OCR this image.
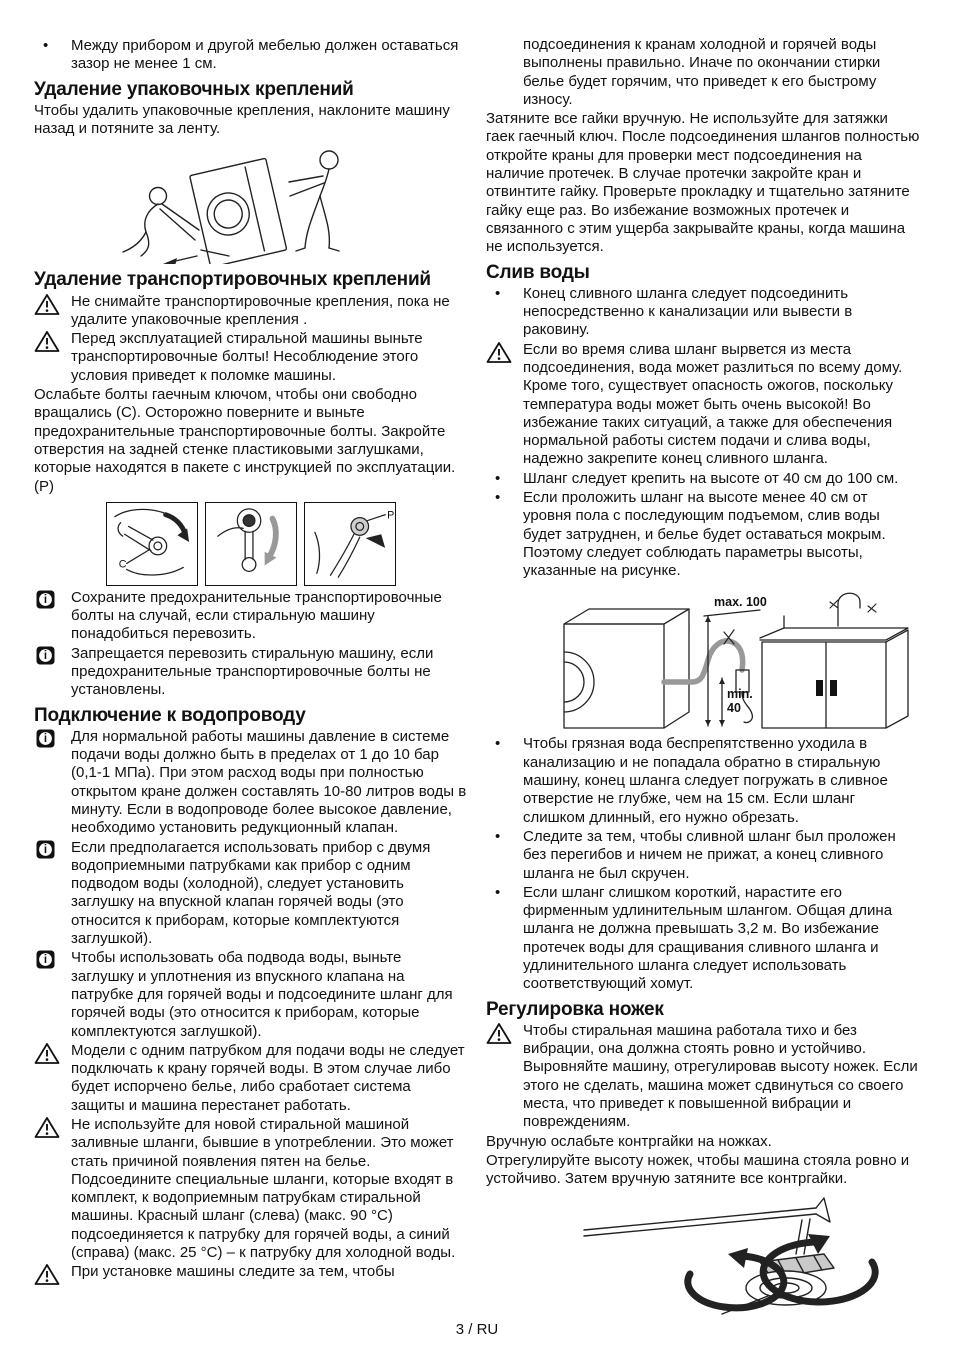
•	Между прибором и другой мебелью должен оставаться зазор не менее 1 см.
Удаление упаковочных креплений

Чтобы удалить упаковочные крепления, наклоните машину назад и потяните за ленту.

Удаление транспортировочных креплений
Не снимайте транспортировочные крепления, пока не удалите упаковочные крепления .
Перед эксплуатацией стиральной машины выньте транспортировочные болты! Несоблюдение этого условия приведет к поломке машины.

Ослабьте болты гаечным ключом, чтобы они свободно вращались (C). Осторожно поверните и выньте предохранительные транспортировочные болты. Закройте отверстия на задней стенке пластиковыми заглушками, которые находятся в пакете с инструкцией по эксплуатации. (P)

C
P
i Сохраните предохранительные транспортировочные болты на случай, если стиральную машину понадобиться перевозить.
i Запрещается перевозить стиральную машину, если предохранительные транспортировочные болты не установлены.
Подключение к водопроводу
i Для нормальной работы машины давление в системе подачи воды должно быть в пределах от 1 до 10 бар (0,1-1 МПа). При этом расход воды при полностью открытом кране должен составлять 10-80 литров воды в минуту. Если в водопроводе более высокое давление, необходимо установить редукционный клапан.
i Если предполагается использовать прибор с двумя водоприемными патрубками как прибор с одним подводом воды (холодной), следует установить заглушку на впускной клапан горячей воды (это относится к приборам, которые комплектуются заглушкой).
i Чтобы использовать оба подвода воды, выньте заглушку и уплотнения из впускного клапана на патрубке для горячей воды и подсоедините шланг для горячей воды (это относится к приборам, которые комплектуются заглушкой).
Модели с одним патрубком для подачи воды не следует подключать к крану горячей воды. В этом случае либо будет испорчено белье, либо сработает система защиты и машина перестанет работать.
Не используйте для новой стиральной машиной заливные шланги, бывшие в употреблении. Это может стать причиной появления пятен на белье. Подсоедините специальные шланги, которые входят в комплект, к водоприемным патрубкам стиральной машины. Красный шланг (слева) (макс. 90 °C) подсоединяется к патрубку для горячей воды, а синий (справа) (макс. 25 °C) – к патрубку для холодной воды.
При установке машины следите за тем, чтобы

подсоединения к кранам холодной и горячей воды выполнены правильно. Иначе по окончании стирки белье будет горячим, что приведет к его быстрому износу.

Затяните все гайки вручную. Не используйте для затяжки гаек гаечный ключ. После подсоединения шлангов полностью откройте краны для проверки мест подсоединения на наличие протечек. В случае протечки закройте кран и отвинтите гайку. Проверьте прокладку и тщательно затяните гайку еще раз. Во избежание возможных протечек и связанного с этим ущерба закрывайте краны, когда машина не используется.

Слив воды
•	Конец сливного шланга следует подсоединить непосредственно к канализации или вывести в раковину.
Если во время слива шланг вырвется из места подсоединения, вода может разлиться по всему дому. Кроме того, существует опасность ожогов, поскольку температура воды может быть очень высокой! Во избежание таких ситуаций, а также для обеспечения нормальной работы систем подачи и слива воды, надежно закрепите конец сливного шланга.
•	Шланг следует крепить на высоте от 40 см до 100 см.
•	Если проложить шланг на высоте менее 40 см от уровня пола с последующим подъемом, слив воды будет затруднен, и белье будет оставаться мокрым. Поэтому следует соблюдать параметры высоты, указанные на рисунке.
max. 100
min.
40
•	Чтобы грязная вода беспрепятственно уходила в канализацию и не попадала обратно в стиральную машину, конец шланга следует погружать в сливное отверстие не глубже, чем на 15 см. Если шланг слишком длинный, его нужно обрезать.
•	Следите за тем, чтобы сливной шланг был проложен без перегибов и ничем не прижат, а конец сливного шланга не был скручен.
•	Если шланг слишком короткий, нарастите его фирменным удлинительным шлангом. Общая длина шланга не должна превышать 3,2 м. Во избежание протечек воды для сращивания сливного шланга и удлинительного шланга следует использовать соответствующий хомут.
Регулировка ножек
Чтобы стиральная машина работала тихо и без вибрации, она должна стоять ровно и устойчиво. Выровняйте машину, отрегулировав высоту ножек. Если этого не сделать, машина может сдвинуться со своего места, что приведет к повышенной вибрации и повреждениям.

Вручную ослабьте контргайки на ножках.

Отрегулируйте высоту ножек, чтобы машина стояла ровно и устойчиво. Затем вручную затяните все контргайки.

3 / RU
